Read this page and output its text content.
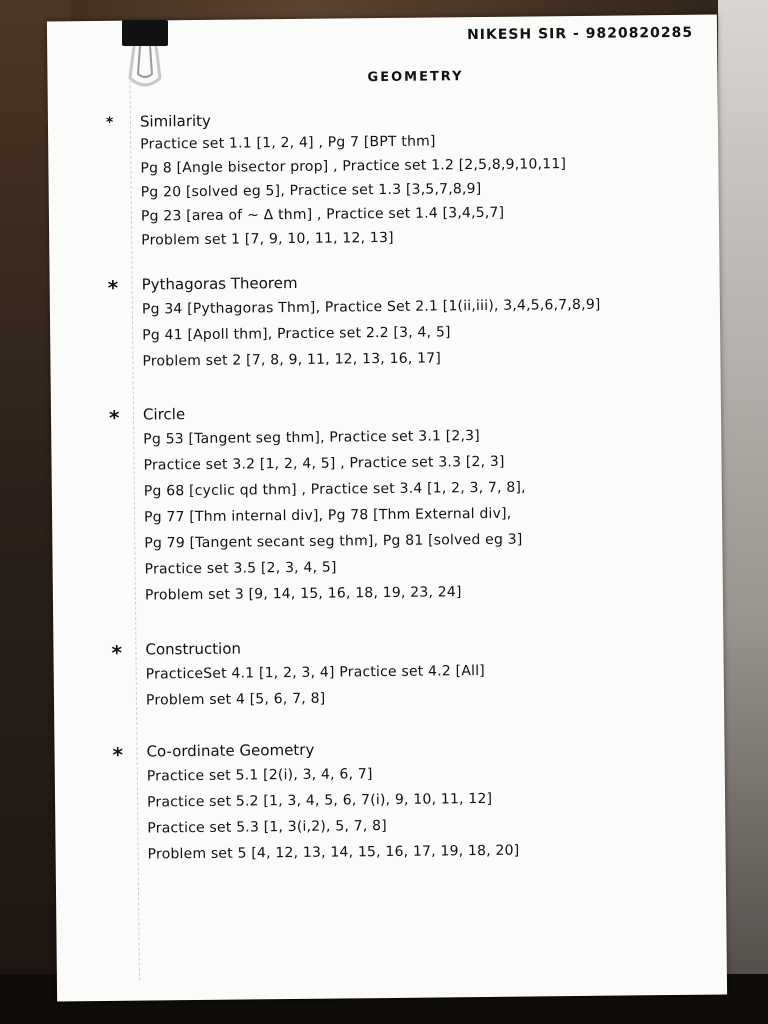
NIKESH SIR - 9820820285
GEOMETRY
* Similarity
Practice set 1.1 [1, 2, 4] , Pg 7 [BPT thm]
Pg 8 [Angle bisector prop] , Practice set 1.2 [2,5,8,9,10,11]
Pg 20 [solved eg 5], Practice set 1.3 [3,5,7,8,9]
Pg 23 [area of ~ Δ thm] , Practice set 1.4 [3,4,5,7]
Problem set 1 [7, 9, 10, 11, 12, 13]
* Pythagoras Theorem
Pg 34 [Pythagoras Thm], Practice Set 2.1 [1(ii,iii), 3,4,5,6,7,8,9]
Pg 41 [Apoll thm], Practice set 2.2 [3, 4, 5]
Problem set 2 [7, 8, 9, 11, 12, 13, 16, 17]
* Circle
Pg 53 [Tangent seg thm], Practice set 3.1 [2,3]
Practice set 3.2 [1, 2, 4, 5] , Practice set 3.3 [2, 3]
Pg 68 [cyclic qd thm] , Practice set 3.4 [1, 2, 3, 7, 8],
Pg 77 [Thm internal div], Pg 78 [Thm External div],
Pg 79 [Tangent secant seg thm], Pg 81 [solved eg 3]
Practice set 3.5 [2, 3, 4, 5]
Problem set 3 [9, 14, 15, 16, 18, 19, 23, 24]
* Construction
PracticeSet 4.1 [1, 2, 3, 4] Practice set 4.2 [All]
Problem set 4 [5, 6, 7, 8]
* Co-ordinate Geometry
Practice set 5.1 [2(i), 3, 4, 6, 7]
Practice set 5.2 [1, 3, 4, 5, 6, 7(i), 9, 10, 11, 12]
Practice set 5.3 [1, 3(i,2), 5, 7, 8]
Problem set 5 [4, 12, 13, 14, 15, 16, 17, 19, 18, 20]
